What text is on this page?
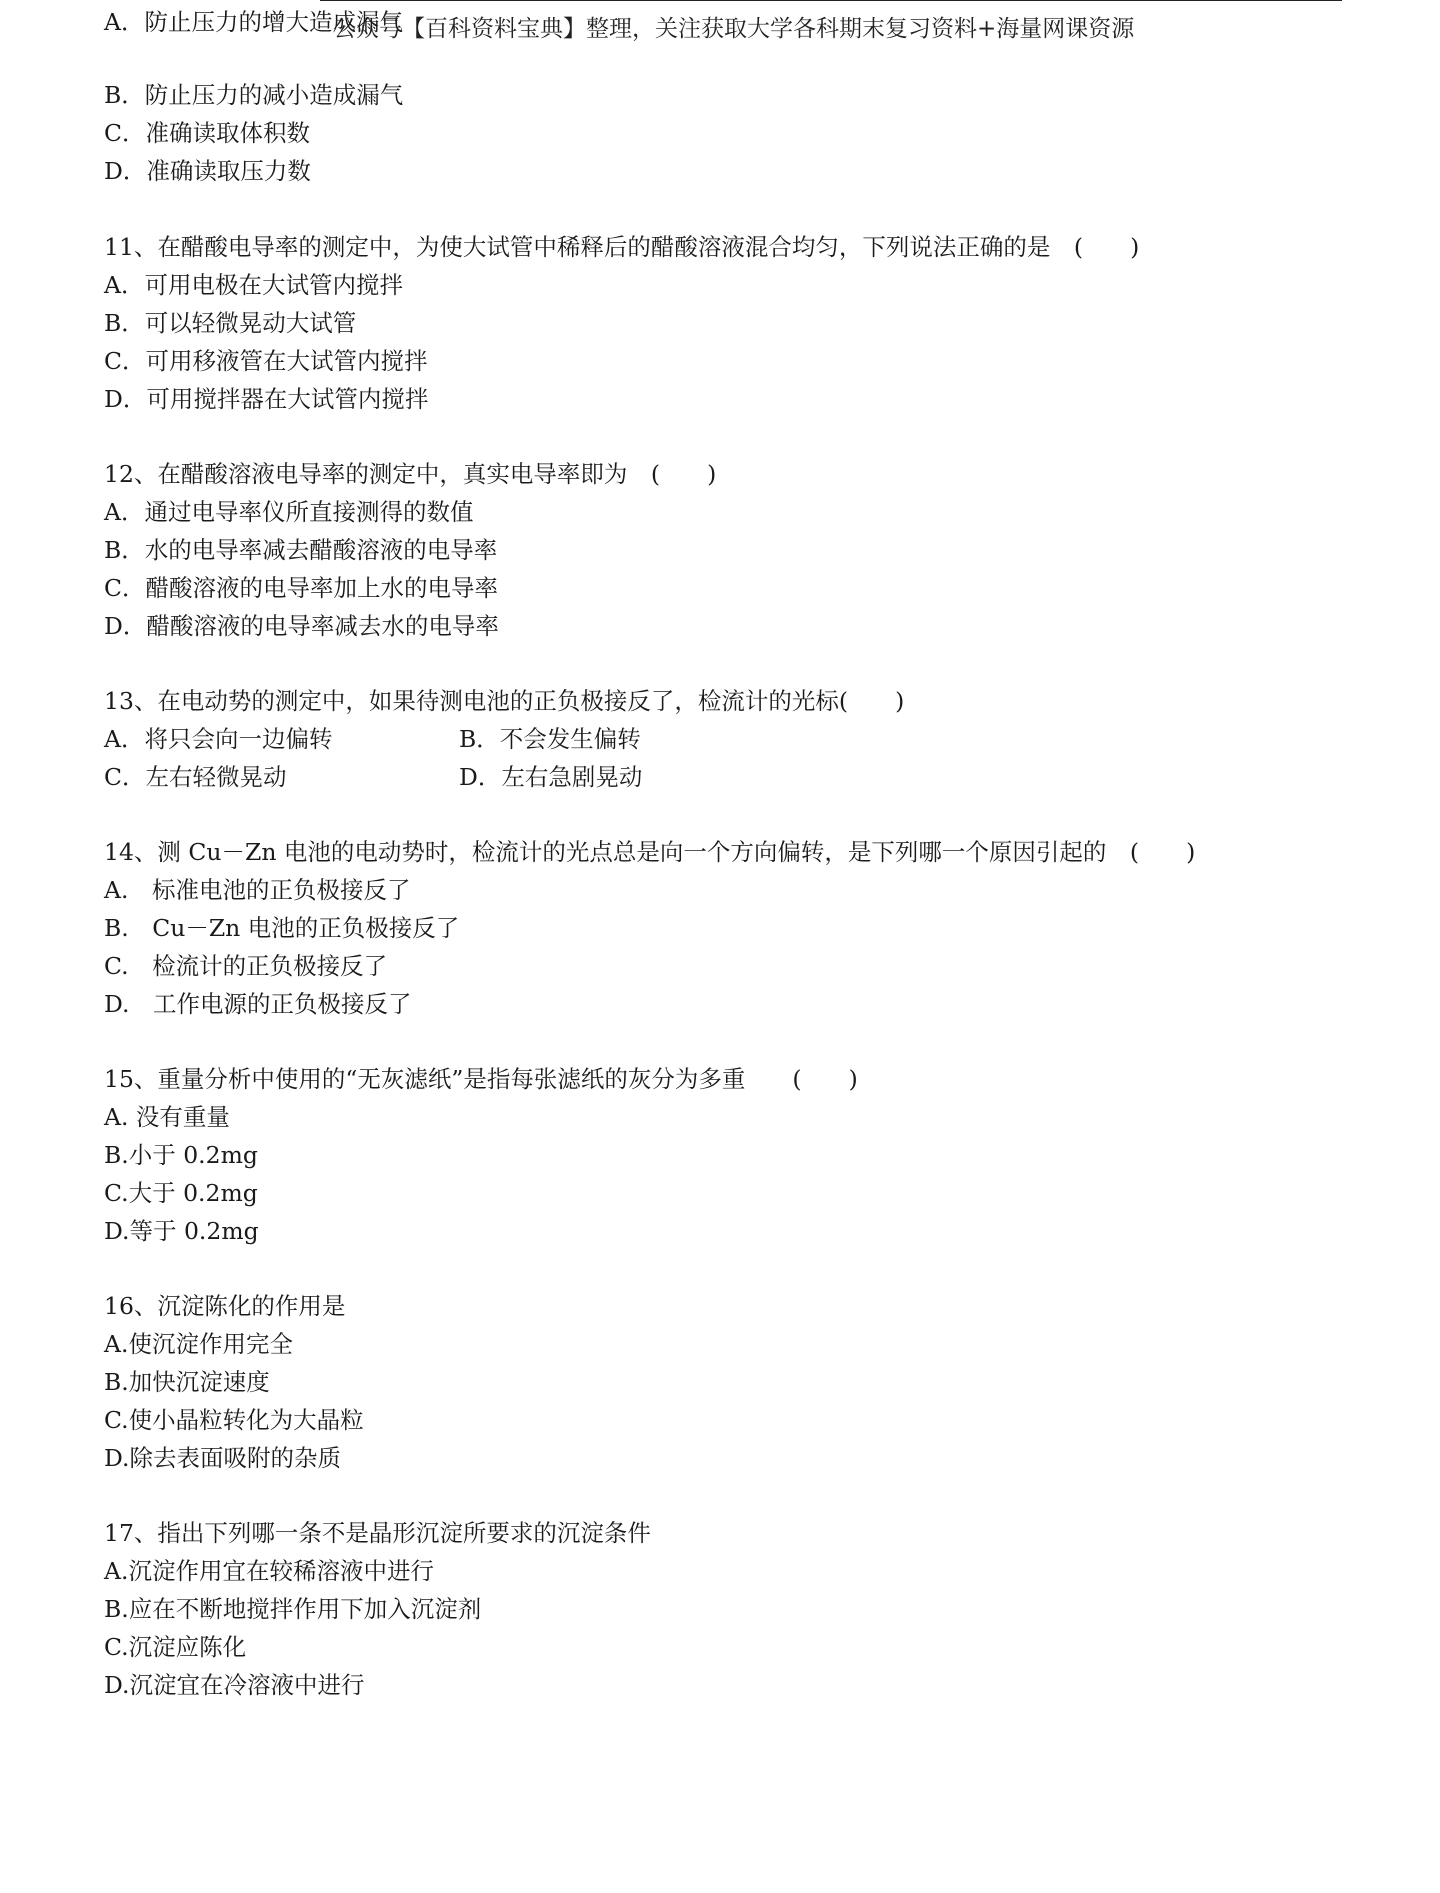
公众号【百科资料宝典】整理，关注获取大学各科期末复习资料+海量网课资源
A．防止压力的增大造成漏气
B．防止压力的减小造成漏气
C．准确读取体积数
D．准确读取压力数
11、在醋酸电导率的测定中，为使大试管中稀释后的醋酸溶液混合均匀，下列说法正确的是　(　　)
A．可用电极在大试管内搅拌
B．可以轻微晃动大试管
C．可用移液管在大试管内搅拌
D．可用搅拌器在大试管内搅拌
12、在醋酸溶液电导率的测定中，真实电导率即为　(　　)
A．通过电导率仪所直接测得的数值
B．水的电导率减去醋酸溶液的电导率
C．醋酸溶液的电导率加上水的电导率
D．醋酸溶液的电导率减去水的电导率
13、在电动势的测定中，如果待测电池的正负极接反了，检流计的光标(　　)
A．将只会向一边偏转	B．不会发生偏转
C．左右轻微晃动	D．左右急剧晃动
14、测 Cu－Zn 电池的电动势时，检流计的光点总是向一个方向偏转，是下列哪一个原因引起的　(　　)
A.　标准电池的正负极接反了
B.　Cu－Zn 电池的正负极接反了
C.　检流计的正负极接反了
D.　工作电源的正负极接反了
15、重量分析中使用的“无灰滤纸”是指每张滤纸的灰分为多重　　(　　)
A. 没有重量
B.小于 0.2mg
C.大于 0.2mg
D.等于 0.2mg
16、沉淀陈化的作用是
A.使沉淀作用完全
B.加快沉淀速度
C.使小晶粒转化为大晶粒
D.除去表面吸附的杂质
17、指出下列哪一条不是晶形沉淀所要求的沉淀条件
A.沉淀作用宜在较稀溶液中进行
B.应在不断地搅拌作用下加入沉淀剂
C.沉淀应陈化
D.沉淀宜在冷溶液中进行
